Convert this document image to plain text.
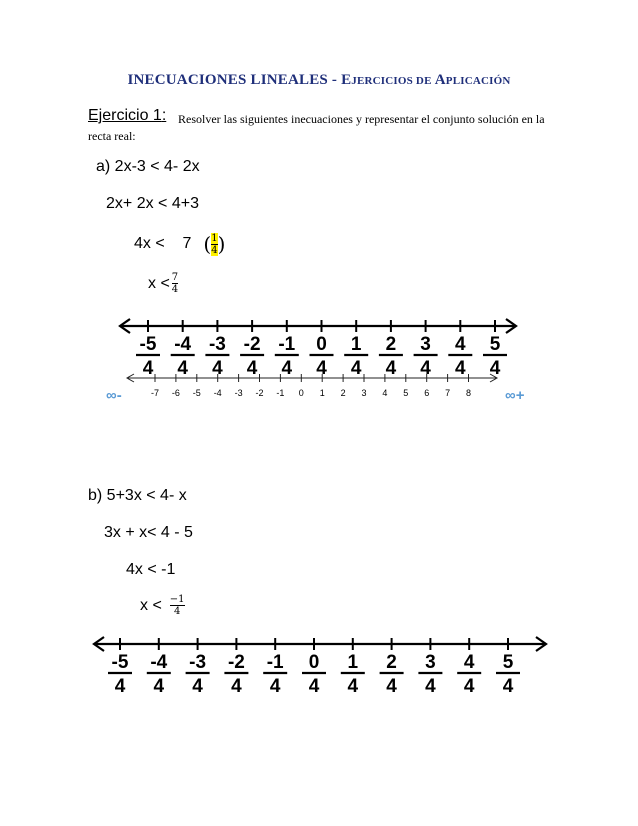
INECUACIONES LINEALES - EJERCICIOS DE APLICACIÓN
Ejercicio 1: Resolver las siguientes inecuaciones y representar el conjunto solución en la
recta real:
a) 2x-3 < 4- 2x
2x+ 2x < 4+3
4x <    7 ( $\frac{1}{4}$ )
$x < \frac{7}{4}$
-5
4
-4
4
-3
4
-2
4
-1
4
0
4
1
4
2
4
3
4
4
4
5
4
-7 -6 -5 -4 -3 -2 -1 0 1 2 3 4 5 6 7 8
∞-	∞+
b) 5+3x < 4- x
3x + x< 4 - 5
4x < -1
$x < \frac{-1}{4}$
-5
4
-4
4
-3
4
-2
4
-1
4
0
4
1
4
2
4
3
4
4
4
5
4
